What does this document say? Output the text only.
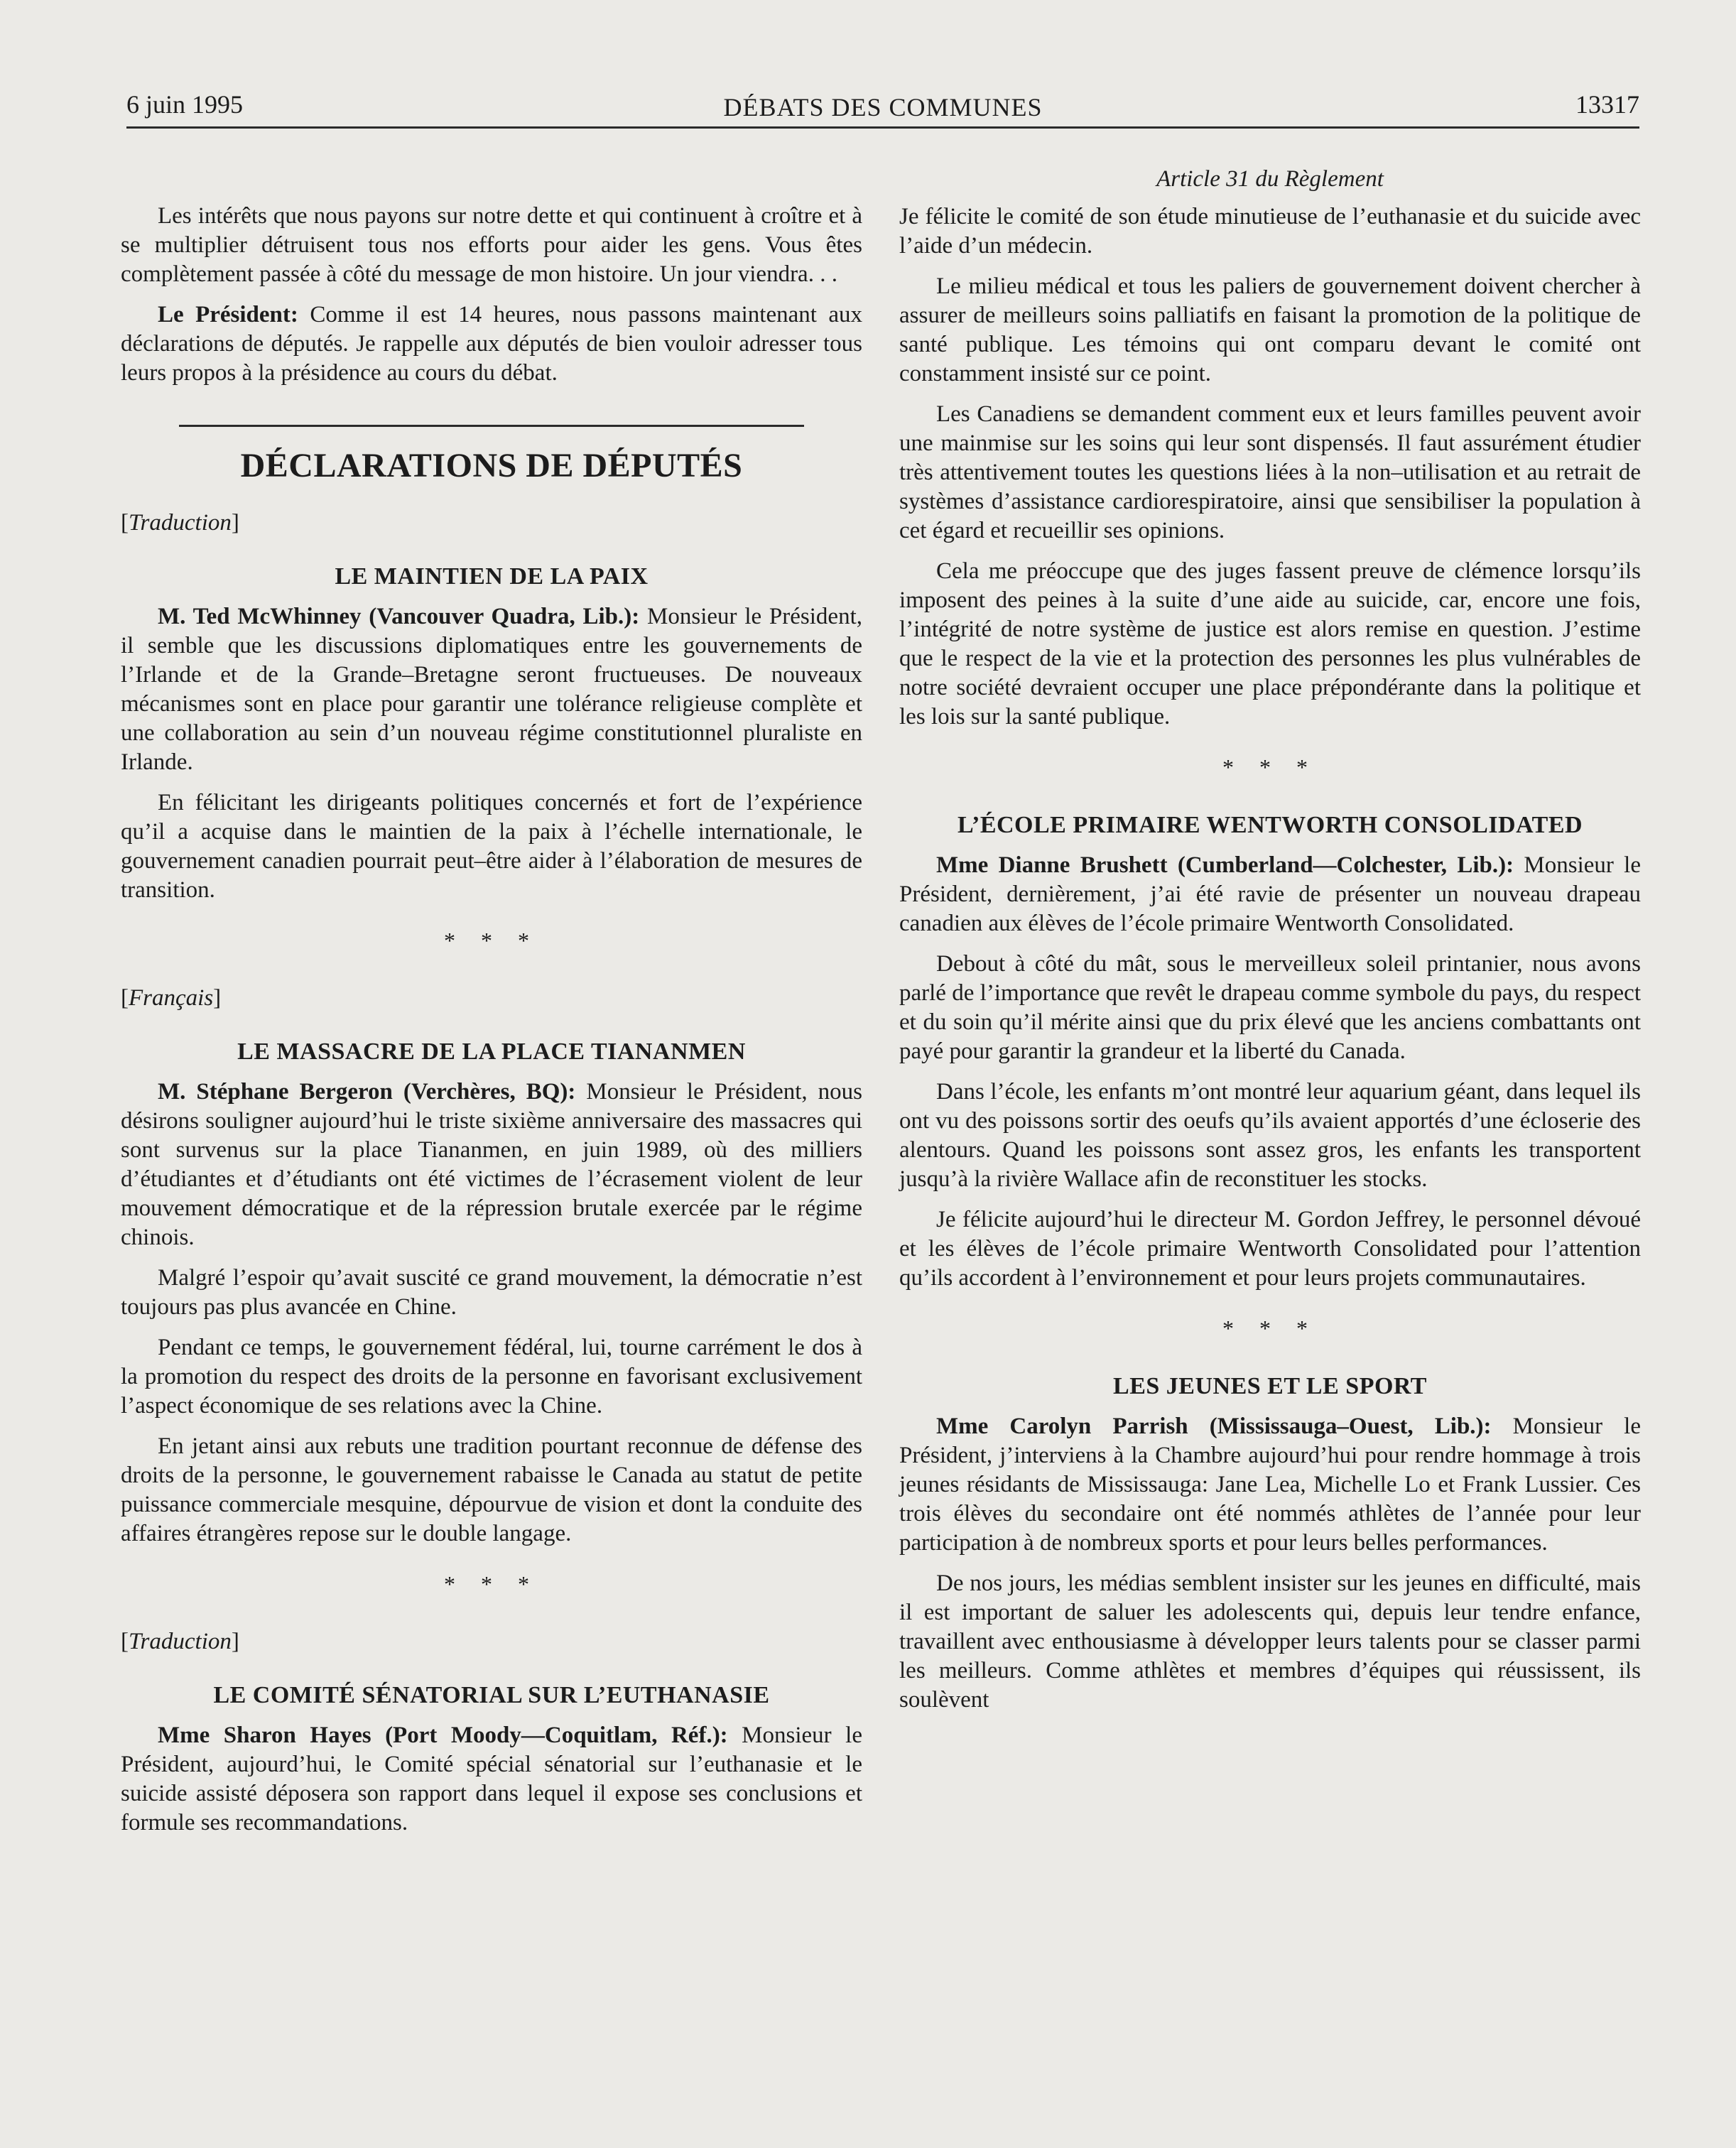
6 juin 1995	DÉBATS DES COMMUNES	13317

Les intérêts que nous payons sur notre dette et qui continuent à croître et à se multiplier détruisent tous nos efforts pour aider les gens. Vous êtes complètement passée à côté du message de mon histoire. Un jour viendra. . .

Le Président: Comme il est 14 heures, nous passons maintenant aux déclarations de députés. Je rappelle aux députés de bien vouloir adresser tous leurs propos à la présidence au cours du débat.

DÉCLARATIONS DE DÉPUTÉS
[Traduction]
LE MAINTIEN DE LA PAIX

M. Ted McWhinney (Vancouver Quadra, Lib.): Monsieur le Président, il semble que les discussions diplomatiques entre les gouvernements de l’Irlande et de la Grande–Bretagne seront fructueuses. De nouveaux mécanismes sont en place pour garantir une tolérance religieuse complète et une collaboration au sein d’un nouveau régime constitutionnel pluraliste en Irlande.

En félicitant les dirigeants politiques concernés et fort de l’expérience qu’il a acquise dans le maintien de la paix à l’échelle internationale, le gouvernement canadien pourrait peut–être aider à l’élaboration de mesures de transition.

* * *
[Français]
LE MASSACRE DE LA PLACE TIANANMEN

M. Stéphane Bergeron (Verchères, BQ): Monsieur le Président, nous désirons souligner aujourd’hui le triste sixième anniversaire des massacres qui sont survenus sur la place Tiananmen, en juin 1989, où des milliers d’étudiantes et d’étudiants ont été victimes de l’écrasement violent de leur mouvement démocratique et de la répression brutale exercée par le régime chinois.

Malgré l’espoir qu’avait suscité ce grand mouvement, la démocratie n’est toujours pas plus avancée en Chine.

Pendant ce temps, le gouvernement fédéral, lui, tourne carrément le dos à la promotion du respect des droits de la personne en favorisant exclusivement l’aspect économique de ses relations avec la Chine.

En jetant ainsi aux rebuts une tradition pourtant reconnue de défense des droits de la personne, le gouvernement rabaisse le Canada au statut de petite puissance commerciale mesquine, dépourvue de vision et dont la conduite des affaires étrangères repose sur le double langage.

* * *
[Traduction]
LE COMITÉ SÉNATORIAL SUR L’EUTHANASIE

Mme Sharon Hayes (Port Moody—Coquitlam, Réf.): Monsieur le Président, aujourd’hui, le Comité spécial sénatorial sur l’euthanasie et le suicide assisté déposera son rapport dans lequel il expose ses conclusions et formule ses recommandations.

Article 31 du Règlement

Je félicite le comité de son étude minutieuse de l’euthanasie et du suicide avec l’aide d’un médecin.

Le milieu médical et tous les paliers de gouvernement doivent chercher à assurer de meilleurs soins palliatifs en faisant la promotion de la politique de santé publique. Les témoins qui ont comparu devant le comité ont constamment insisté sur ce point.

Les Canadiens se demandent comment eux et leurs familles peuvent avoir une mainmise sur les soins qui leur sont dispensés. Il faut assurément étudier très attentivement toutes les questions liées à la non–utilisation et au retrait de systèmes d’assistance cardiorespiratoire, ainsi que sensibiliser la population à cet égard et recueillir ses opinions.

Cela me préoccupe que des juges fassent preuve de clémence lorsqu’ils imposent des peines à la suite d’une aide au suicide, car, encore une fois, l’intégrité de notre système de justice est alors remise en question. J’estime que le respect de la vie et la protection des personnes les plus vulnérables de notre société devraient occuper une place prépondérante dans la politique et les lois sur la santé publique.

* * *
L’ÉCOLE PRIMAIRE WENTWORTH CONSOLIDATED

Mme Dianne Brushett (Cumberland—Colchester, Lib.): Monsieur le Président, dernièrement, j’ai été ravie de présenter un nouveau drapeau canadien aux élèves de l’école primaire Wentworth Consolidated.

Debout à côté du mât, sous le merveilleux soleil printanier, nous avons parlé de l’importance que revêt le drapeau comme symbole du pays, du respect et du soin qu’il mérite ainsi que du prix élevé que les anciens combattants ont payé pour garantir la grandeur et la liberté du Canada.

Dans l’école, les enfants m’ont montré leur aquarium géant, dans lequel ils ont vu des poissons sortir des oeufs qu’ils avaient apportés d’une écloserie des alentours. Quand les poissons sont assez gros, les enfants les transportent jusqu’à la rivière Wallace afin de reconstituer les stocks.

Je félicite aujourd’hui le directeur M. Gordon Jeffrey, le personnel dévoué et les élèves de l’école primaire Wentworth Consolidated pour l’attention qu’ils accordent à l’environnement et pour leurs projets communautaires.

* * *
LES JEUNES ET LE SPORT

Mme Carolyn Parrish (Mississauga–Ouest, Lib.): Monsieur le Président, j’interviens à la Chambre aujourd’hui pour rendre hommage à trois jeunes résidants de Mississauga: Jane Lea, Michelle Lo et Frank Lussier. Ces trois élèves du secondaire ont été nommés athlètes de l’année pour leur participation à de nombreux sports et pour leurs belles performances.

De nos jours, les médias semblent insister sur les jeunes en difficulté, mais il est important de saluer les adolescents qui, depuis leur tendre enfance, travaillent avec enthousiasme à développer leurs talents pour se classer parmi les meilleurs. Comme athlètes et membres d’équipes qui réussissent, ils soulèvent
